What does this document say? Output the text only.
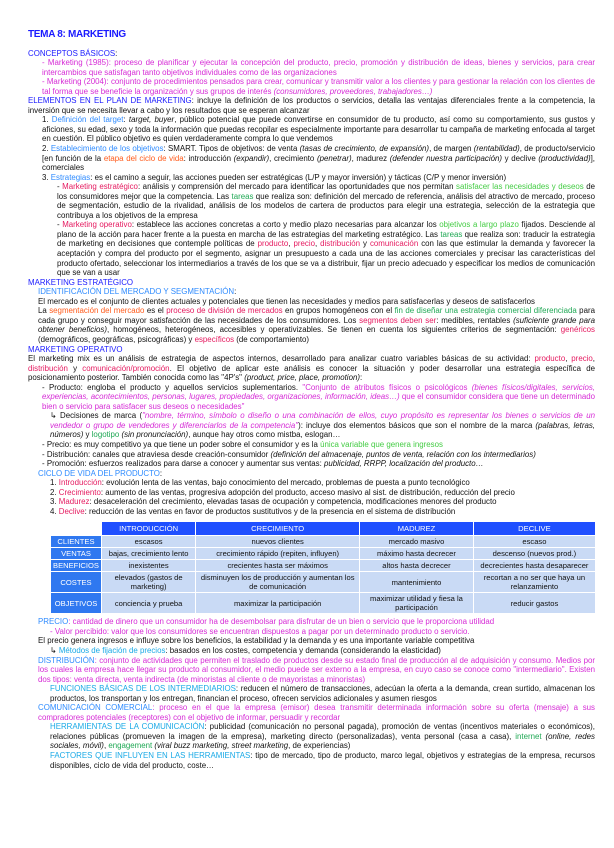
TEMA 8: MARKETING
CONCEPTOS BÁSICOS:
- Marketing (1985): proceso de planificar y ejecutar la concepción del producto, precio, promoción y distribución de ideas, bienes y servicios, para crear intercambios que satisfagan tanto objetivos individuales como de las organizaciones
- Marketing (2004): conjunto de procedimientos pensados para crear, comunicar y transmitir valor a los clientes y para gestionar la relación con los clientes de tal forma que se beneficie la organización y sus grupos de interés (consumidores, proveedores, trabajadores…)
ELEMENTOS EN EL PLAN DE MARKETING: incluye la definición de los productos o servicios, detalla las ventajas diferenciales frente a la competencia, la inversión que se necesita llevar a cabo y los resultados que se esperan alcanzar
1. Definición del target: target, buyer, público potencial que puede convertirse en consumidor de tu producto, así como su comportamiento, sus gustos y aficiones, su edad, sexo y toda la información que puedas recopilar es especialmente importante para desarrollar tu campaña de marketing enfocada al target en cuestión. El público objetivo es quien verdaderamente compra lo que vendemos
2. Establecimiento de los objetivos: SMART. Tipos de objetivos: de venta (tasas de crecimiento, de expansión), de margen (rentabilidad), de producto/servicio [en función de la etapa del ciclo de vida: introducción (expandir), crecimiento (penetrar), madurez (defender nuestra participación) y declive (productividad)], comerciales
3. Estrategias: es el camino a seguir, las acciones pueden ser estratégicas (L/P y mayor inversión) y tácticas (C/P y menor inversión)
- Marketing estratégico: análisis y comprensión del mercado para identificar las oportunidades que nos permitan satisfacer las necesidades y deseos de los consumidores mejor que la competencia. Las tareas que realiza son: definición del mercado de referencia, análisis del atractivo de mercado, proceso de segmentación, estudio de la rivalidad, análisis de los modelos de cartera de productos para elegir una estrategia, selección de la estrategia que contribuya a los objetivos de la empresa
- Marketing operativo: establece las acciones concretas a corto y medio plazo necesarias para alcanzar los objetivos a largo plazo fijados. Desciende al plano de la acción para hacer frente a la puesta en marcha de las estrategias del marketing estratégico. Las tareas que realiza son: traducir la estrategia de marketing en decisiones que contemple políticas de producto, precio, distribución y comunicación con las que estimular la demanda y favorecer la aceptación y compra del producto por el segmento, asignar un presupuesto a cada una de las acciones comerciales y precisar las características del producto ofertado, seleccionar los intermediarios a través de los que se va a distribuir, fijar un precio adecuado y especificar los medios de comunicación que se van a usar
MARKETING ESTRATÉGICO
IDENTIFICACIÓN DEL MERCADO Y SEGMENTACIÓN:
El mercado es el conjunto de clientes actuales y potenciales que tienen las necesidades y medios para satisfacerlas y deseos de satisfacerlos
La segmentación del mercado es el proceso de división de mercados en grupos homogéneos con el fin de diseñar una estrategia comercial diferenciada para cada grupo y conseguir mayor satisfacción de las necesidades de los consumidores. Los segmentos deben ser: medibles, rentables (suficiente grande para obtener beneficios), homogéneos, heterogéneos, accesibles y operativizables. Se tienen en cuenta los siguientes criterios de segmentación: genéricos (demográficos, geográficas, psicográficas) y específicos (de comportamiento)
MARKETING OPERATIVO
El marketing mix es un análisis de estrategia de aspectos internos, desarrollado para analizar cuatro variables básicas de su actividad: producto, precio, distribución y comunicación/promoción. El objetivo de aplicar este análisis es conocer la situación y poder desarrollar una estrategia específica de posicionamiento posterior. También conocida como las "4P's" (product, price, place, promotion):
- Producto: engloba el producto y aquellos servicios suplementarios. "Conjunto de atributos físicos o psicológicos (bienes físicos/digitales, servicios, experiencias, acontecimientos, personas, lugares, propiedades, organizaciones, información, ideas…) que el consumidor considera que tiene un determinado bien o servicio para satisfacer sus deseos o necesidades"
↳ Decisiones de marca ("nombre, término, símbolo o diseño o una combinación de ellos, cuyo propósito es representar los bienes o servicios de un vendedor o grupo de vendedores y diferenciarlos de la competencia"): incluye dos elementos básicos que son el nombre de la marca (palabras, letras, números) y logotipo (sin pronunciación), aunque hay otros como mistba, eslogan…
- Precio: es muy competitivo ya que tiene un poder sobre el consumidor y es la única variable que genera ingresos
- Distribución: canales que atraviesa desde creación-consumidor (definición del almacenaje, puntos de venta, relación con los intermediarios)
- Promoción: esfuerzos realizados para darse a conocer y aumentar sus ventas: publicidad, RRPP, localización del producto…
CICLO DE VIDA DEL PRODUCTO:
1. Introducción: evolución lenta de las ventas, bajo conocimiento del mercado, problemas de puesta a punto tecnológico
2. Crecimiento: aumento de las ventas, progresiva adopción del producto, acceso masivo al sist. de distribución, reducción del precio
3. Madurez: desaceleración del crecimiento, elevadas tasas de ocupación y competencia, modificaciones menores del producto
4. Declive: reducción de las ventas en favor de productos sustitutivos y de la presencia en el sistema de distribución
	INTRODUCCIÓN	CRECIMIENTO	MADUREZ	DECLIVE
CLIENTES	escasos	nuevos clientes	mercado masivo	escaso
VENTAS	bajas, crecimiento lento	crecimiento rápido (repiten, influyen)	máximo hasta decrecer	descenso (nuevos prod.)
BENEFICIOS	inexistentes	crecientes hasta ser máximos	altos hasta decrecer	decrecientes hasta desaparecer
COSTES	elevados (gastos de marketing)	disminuyen los de producción y aumentan los de comunicación	mantenimiento	recortan a no ser que haya un relanzamiento
OBJETIVOS	conciencia y prueba	maximizar la participación	maximizar utilidad y fiesa la participación	reducir gastos
PRECIO: cantidad de dinero que un consumidor ha de desembolsar para disfrutar de un bien o servicio que le proporciona utilidad
- Valor percibido: valor que los consumidores se encuentran dispuestos a pagar por un determinado producto o servicio.
El precio genera ingresos e influye sobre los beneficios, la estabilidad y la demanda y es una importante variable competitiva
↳ Métodos de fijación de precios: basados en los costes, competencia y demanda (considerando la elasticidad)
DISTRIBUCIÓN: conjunto de actividades que permiten el traslado de productos desde su estado final de producción al de adquisición y consumo. Medios por los cuales la empresa hace llegar su producto al consumidor, el medio puede ser externo a la empresa, en cuyo caso se conoce como "intermediario". Existen dos tipos: venta directa, venta indirecta (de minoristas al cliente o de mayoristas a minoristas)
FUNCIONES BÁSICAS DE LOS INTERMEDIARIOS: reducen el número de transacciones, adecúan la oferta a la demanda, crean surtido, almacenan los productos, los transportan y los entregan, financian el proceso, ofrecen servicios adicionales y asumen riesgos
COMUNICACIÓN COMERCIAL: proceso en el que la empresa (emisor) desea transmitir determinada información sobre su oferta (mensaje) a sus compradores potenciales (receptores) con el objetivo de informar, persuadir y recordar
HERRAMIENTAS DE LA COMUNICACIÓN: publicidad (comunicación no personal pagada), promoción de ventas (incentivos materiales o económicos), relaciones públicas (promueven la imagen de la empresa), marketing directo (personalizadas), venta personal (casa a casa), internet (online, redes sociales, móvil), engagement (viral buzz marketing, street marketing, de experiencias)
FACTORES QUE INFLUYEN EN LAS HERRAMIENTAS: tipo de mercado, tipo de producto, marco legal, objetivos y estrategias de la empresa, recursos disponibles, ciclo de vida del producto, coste…
